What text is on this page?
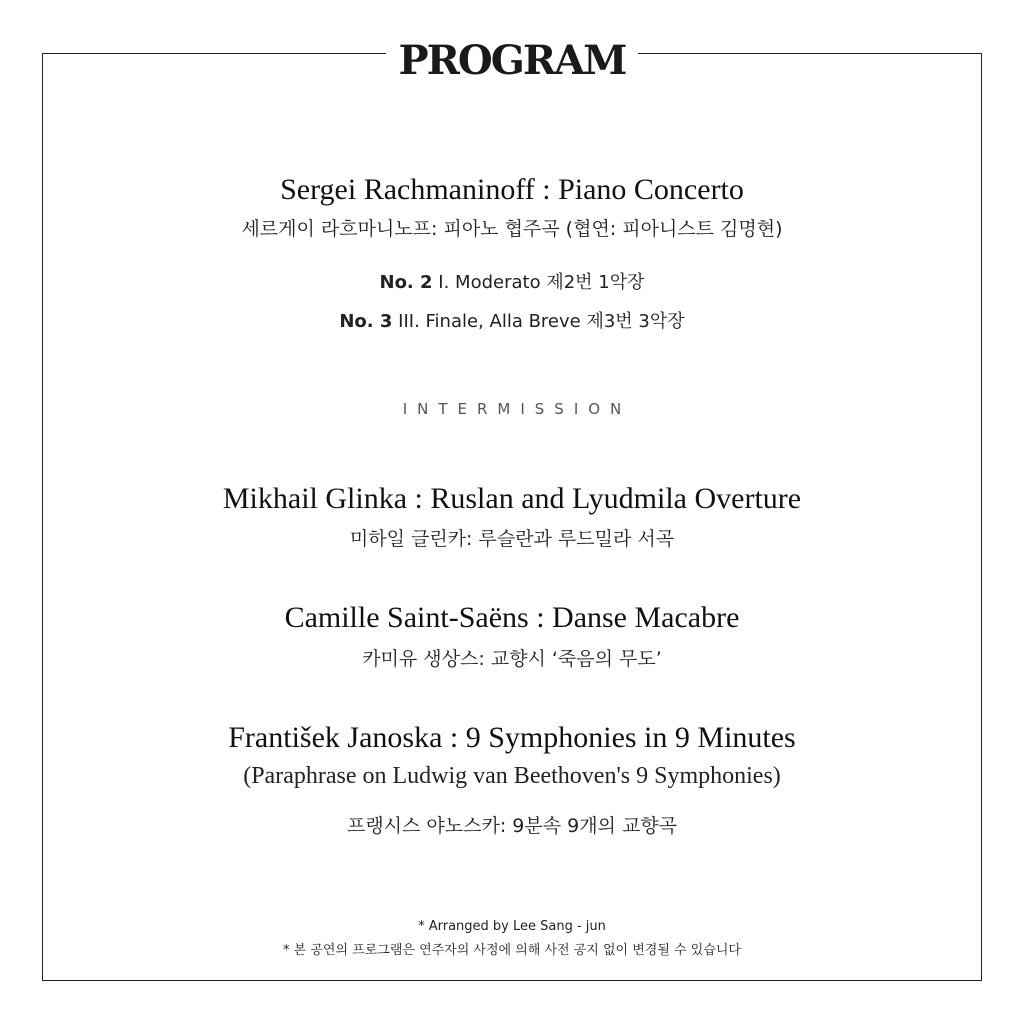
PROGRAM
Sergei Rachmaninoff : Piano Concerto
세르게이 라흐마니노프: 피아노 협주곡 (협연: 피아니스트 김명현)
No. 2 I. Moderato 제2번 1악장
No. 3 III. Finale, Alla Breve 제3번 3악장
INTERMISSION
Mikhail Glinka : Ruslan and Lyudmila Overture
미하일 글린카: 루슬란과 루드밀라 서곡
Camille Saint-Saëns : Danse Macabre
카미유 생상스: 교향시 ‘죽음의 무도’
František Janoska : 9 Symphonies in 9 Minutes
(Paraphrase on Ludwig van Beethoven's 9 Symphonies)
프랭시스 야노스카: 9분속 9개의 교향곡
* Arranged by Lee Sang - jun
* 본 공연의 프로그램은 연주자의 사정에 의해 사전 공지 없이 변경될 수 있습니다
